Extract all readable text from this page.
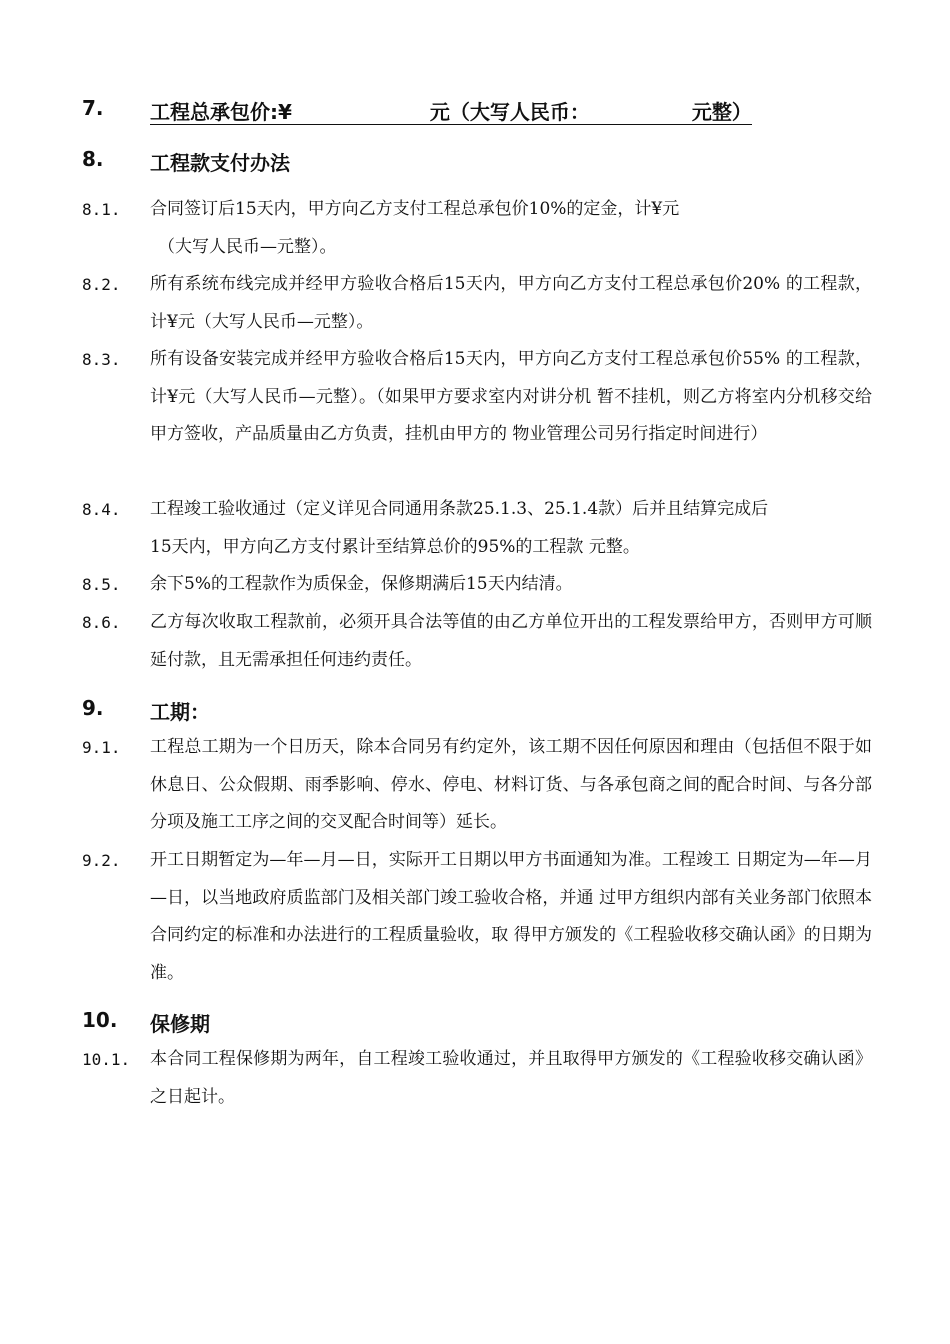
7. 工程总承包价:¥	元（大写人民币：	元整）
8. 工程款支付办法
8.1. 合同签订后15天内，甲方向乙方支付工程总承包价10%的定金，计¥元
（大写人民币—元整）。
8.2. 所有系统布线完成并经甲方验收合格后15天内，甲方向乙方支付工程总承包价20% 的工程款，计¥元（大写人民币—元整）。
8.3. 所有设备安装完成并经甲方验收合格后15天内，甲方向乙方支付工程总承包价55% 的工程款，计¥元（大写人民币—元整）。（如果甲方要求室内对讲分机 暂不挂机，则乙方将室内分机移交给甲方签收，产品质量由乙方负责，挂机由甲方的 物业管理公司另行指定时间进行）
8.4. 工程竣工验收通过（定义详见合同通用条款25.1.3、25.1.4款）后并且结算完成后
15天内，甲方向乙方支付累计至结算总价的95%的工程款 元整。
8.5. 余下5%的工程款作为质保金，保修期满后15天内结清。
8.6. 乙方每次收取工程款前，必须开具合法等值的由乙方单位开出的工程发票给甲方，否则甲方可顺延付款，且无需承担任何违约责任。
9. 工期：
9.1. 工程总工期为一个日历天，除本合同另有约定外，该工期不因任何原因和理由（包括但不限于如休息日、公众假期、雨季影响、停水、停电、材料订货、与各承包商之间的配合时间、与各分部分项及施工工序之间的交叉配合时间等）延长。
9.2. 开工日期暂定为—年—月—日，实际开工日期以甲方书面通知为准。工程竣工 日期定为—年—月—日，以当地政府质监部门及相关部门竣工验收合格，并通 过甲方组织内部有关业务部门依照本合同约定的标准和办法进行的工程质量验收，取 得甲方颁发的《工程验收移交确认函》的日期为准。
10. 保修期
10.1. 本合同工程保修期为两年，自工程竣工验收通过，并且取得甲方颁发的《工程验收移交确认函》之日起计。
